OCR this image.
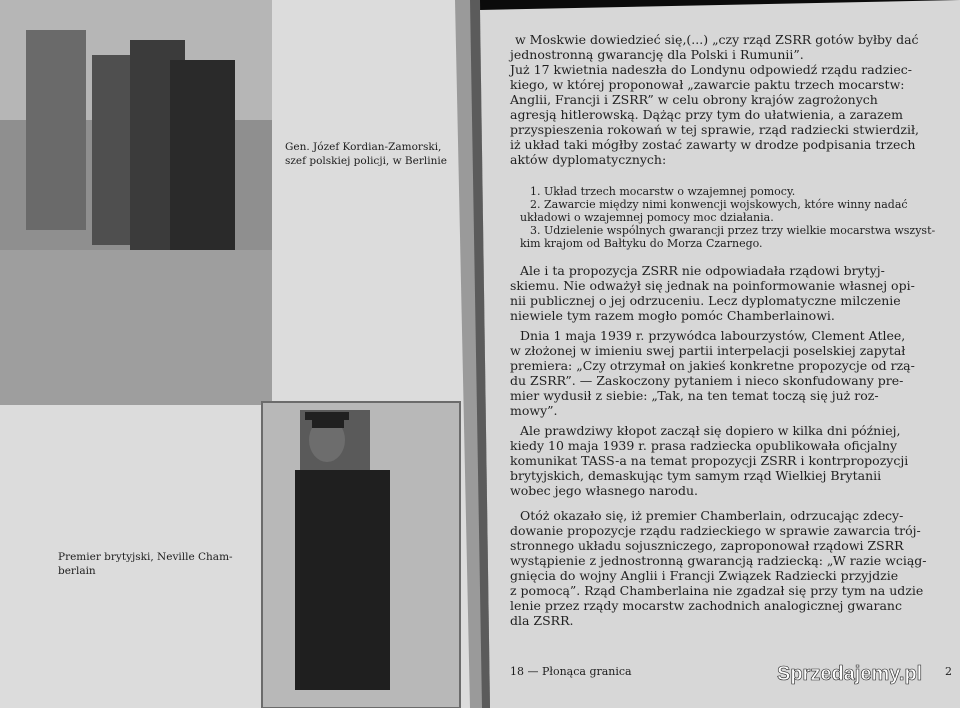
Gen. Józef Kordian-Zamorski,
szef polskiej policji, w Berlinie
Premier brytyjski, Neville Cham-
berlain
w Moskwie dowiedzieć się,(...) „czy rząd ZSRR gotów byłby dać
jednostronną gwarancję dla Polski i Rumunii”.
Już 17 kwietnia nadeszła do Londynu odpowiedź rządu radziec-
kiego, w której proponował „zawarcie paktu trzech mocarstw:
Anglii, Francji i ZSRR” w celu obrony krajów zagrożonych
agresją hitlerowską. Dążąc przy tym do ułatwienia, a zarazem
przyspieszenia rokowań w tej sprawie, rząd radziecki stwierdził,
iż układ taki mógłby zostać zawarty w drodze podpisania trzech
aktów dyplomatycznych:
1. Układ trzech mocarstw o wzajemnej pomocy.
2. Zawarcie między nimi konwencji wojskowych, które winny nadać
układowi o wzajemnej pomocy moc działania.
3. Udzielenie wspólnych gwarancji przez trzy wielkie mocarstwa wszyst-
kim krajom od Bałtyku do Morza Czarnego.
Ale i ta propozycja ZSRR nie odpowiadała rządowi brytyj-
skiemu. Nie odważył się jednak na poinformowanie własnej opi-
nii publicznej o jej odrzuceniu. Lecz dyplomatyczne milczenie
niewiele tym razem mogło pomóc Chamberlainowi.
Dnia 1 maja 1939 r. przywódca labourzystów, Clement Atlee,
w złożonej w imieniu swej partii interpelacji poselskiej zapytał
premiera: „Czy otrzymał on jakieś konkretne propozycje od rzą-
du ZSRR”. — Zaskoczony pytaniem i nieco skonfudowany pre-
mier wydusił z siebie: „Tak, na ten temat toczą się już roz-
mowy”.
Ale prawdziwy kłopot zaczął się dopiero w kilka dni później,
kiedy 10 maja 1939 r. prasa radziecka opublikowała oficjalny
komunikat TASS-a na temat propozycji ZSRR i kontrpropozycji
brytyjskich, demaskując tym samym rząd Wielkiej Brytanii
wobec jego własnego narodu.
Otóż okazało się, iż premier Chamberlain, odrzucając zdecy-
dowanie propozycje rządu radzieckiego w sprawie zawarcia trój-
stronnego układu sojuszniczego, zaproponował rządowi ZSRR
wystąpienie z jednostronną gwarancją radziecką: „W razie wciąg-
gnięcia do wojny Anglii i Francji Związek Radziecki przyjdzie
z pomocą”. Rząd Chamberlaina nie zgadzał się przy tym na udzie
lenie przez rządy mocarstw zachodnich analogicznej gwaranc
dla ZSRR.
18 — Płonąca granica	2
Sprzedajemy.pl
